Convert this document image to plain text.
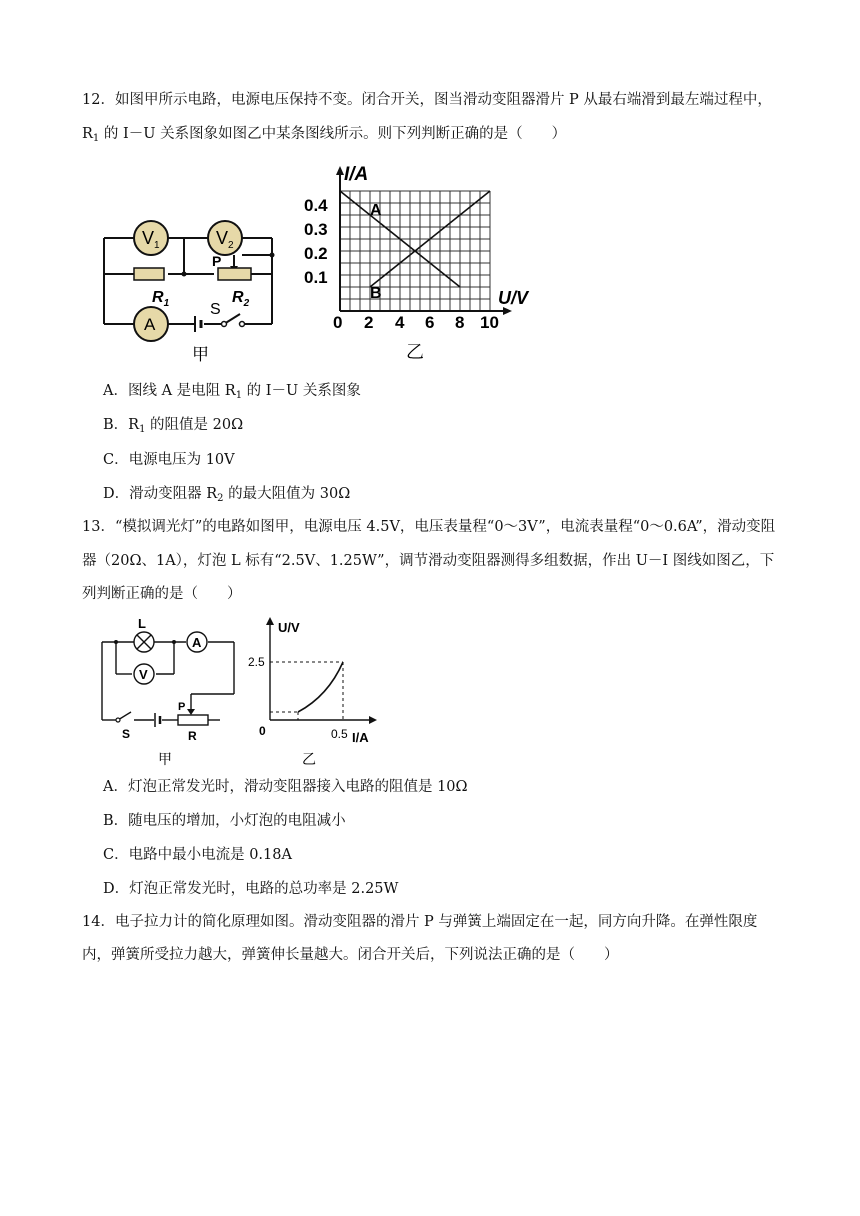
12．如图甲所示电路，电源电压保持不变。闭合开关，图当滑动变阻器滑片 P 从最右端滑到最左端过程中，
$R_1$ 的 I－U 关系图象如图乙中某条图线所示。则下列判断正确的是（　　）
$V_1$	$V_2$
A
P
$R_1$	$R_2$
S
甲
I/A
U/V
0.4
0.3
0.2
0.1
0 2 4 6 8 10
A
B
乙
A．图线 A 是电阻 $R_1$ 的 I－U 关系图象
B．$R_1$ 的阻值是 20Ω
C．电源电压为 10V
D．滑动变阻器 $R_2$ 的最大阻值为 30Ω
13．“模拟调光灯”的电路如图甲，电源电压 4.5V，电压表量程“0～3V”，电流表量程“0～0.6A”，滑动变阻
器（20Ω、1A），灯泡 L 标有“2.5V、1.25W”，调节滑动变阻器测得多组数据，作出 U－I 图线如图乙，下
列判断正确的是（　　）
L
A
V
P
S	R
甲
U/V
2.5
0.5 I/A
0
乙
A．灯泡正常发光时，滑动变阻器接入电路的阻值是 10Ω
B．随电压的增加，小灯泡的电阻减小
C．电路中最小电流是 0.18A
D．灯泡正常发光时，电路的总功率是 2.25W
14．电子拉力计的简化原理如图。滑动变阻器的滑片 P 与弹簧上端固定在一起，同方向升降。在弹性限度
内，弹簧所受拉力越大，弹簧伸长量越大。闭合开关后，下列说法正确的是（　　）
